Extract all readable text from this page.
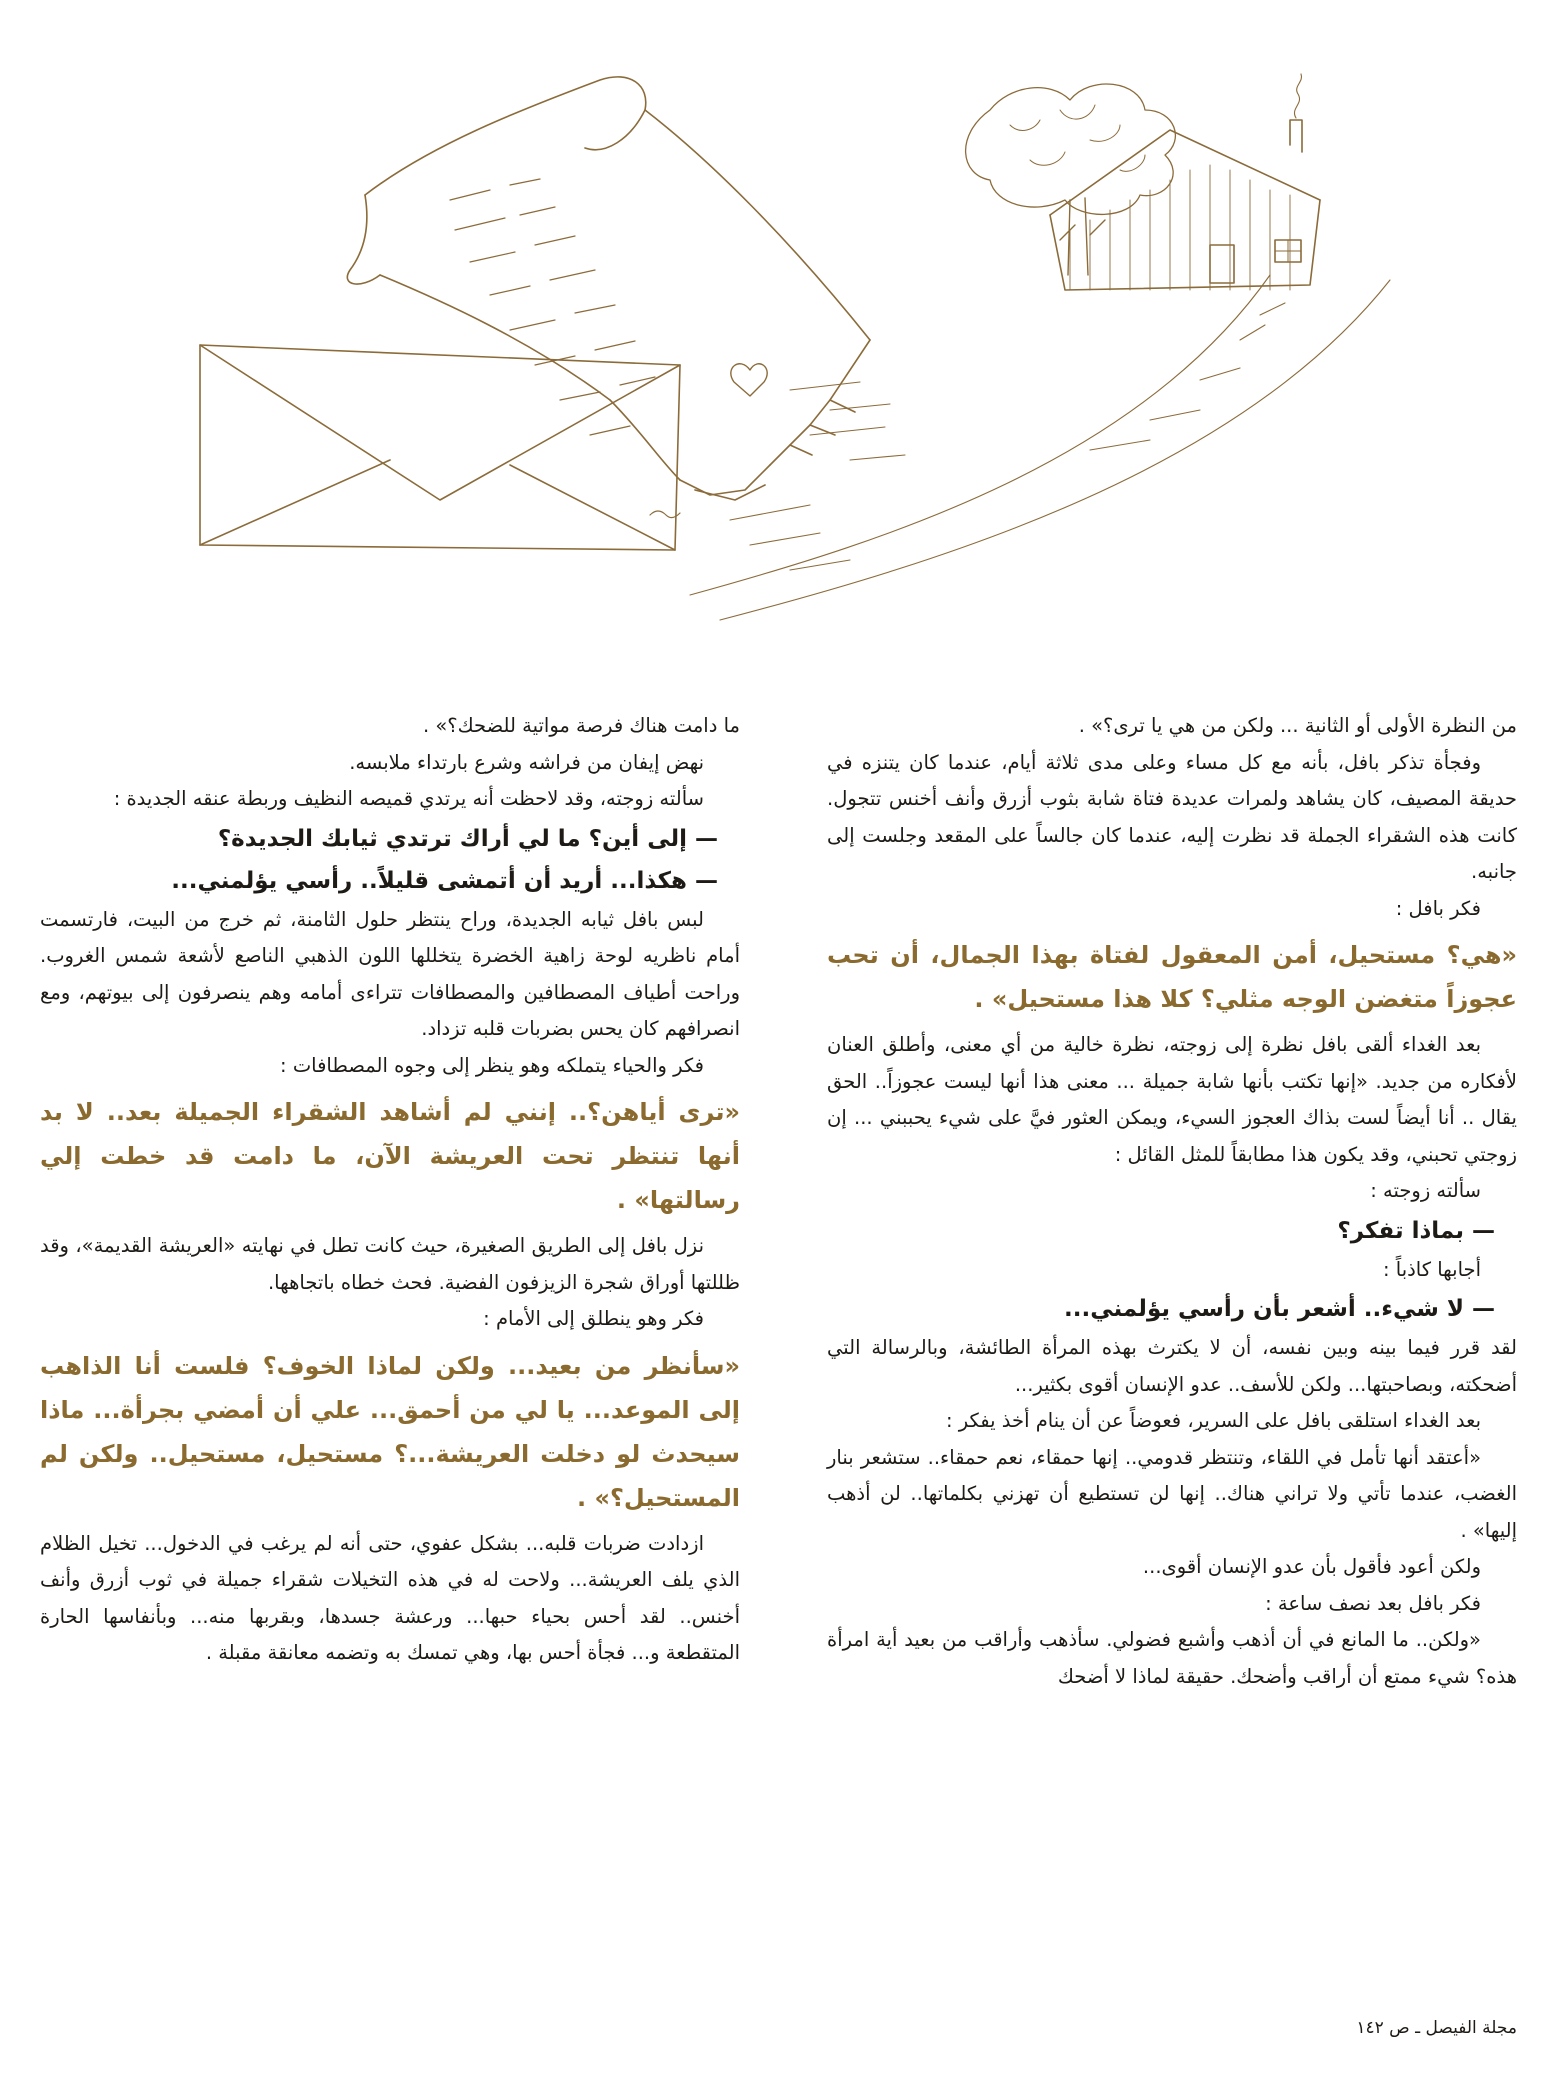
من النظرة الأولى أو الثانية ... ولكن من هي يا ترى؟» .

وفجأة تذكر بافل، بأنه مع كل مساء وعلى مدى ثلاثة أيام، عندما كان يتنزه في حديقة المصيف، كان يشاهد ولمرات عديدة فتاة شابة بثوب أزرق وأنف أخنس تتجول. كانت هذه الشقراء الجملة قد نظرت إليه، عندما كان جالساً على المقعد وجلست إلى جانبه.

فكر بافل :

«هي؟ مستحيل، أمن المعقول لفتاة بهذا الجمال، أن تحب عجوزاً متغضن الوجه مثلي؟ كلا هذا مستحيل» .

بعد الغداء ألقى بافل نظرة إلى زوجته، نظرة خالية من أي معنى، وأطلق العنان لأفكاره من جديد. «إنها تكتب بأنها شابة جميلة ... معنى هذا أنها ليست عجوزاً.. الحق يقال .. أنا أيضاً لست بذاك العجوز السيء، ويمكن العثور فيَّ على شيء يحببني ... إن زوجتي تحبني، وقد يكون هذا مطابقاً للمثل القائل :

سألته زوجته :

— بماذا تفكر؟

أجابها كاذباً :

— لا شيء.. أشعر بأن رأسي يؤلمني...

لقد قرر فيما بينه وبين نفسه، أن لا يكترث بهذه المرأة الطائشة، وبالرسالة التي أضحكته، وبصاحبتها... ولكن للأسف.. عدو الإنسان أقوى بكثير...

بعد الغداء استلقى بافل على السرير، فعوضاً عن أن ينام أخذ يفكر :

«أعتقد أنها تأمل في اللقاء، وتنتظر قدومي.. إنها حمقاء، نعم حمقاء.. ستشعر بنار الغضب، عندما تأتي ولا تراني هناك.. إنها لن تستطيع أن تهزني بكلماتها.. لن أذهب إليها» .

ولكن أعود فأقول بأن عدو الإنسان أقوى...

فكر بافل بعد نصف ساعة :

«ولكن.. ما المانع في أن أذهب وأشبع فضولي. سأذهب وأراقب من بعيد أية امرأة هذه؟ شيء ممتع أن أراقب وأضحك. حقيقة لماذا لا أضحك

ما دامت هناك فرصة مواتية للضحك؟» .

نهض إيفان من فراشه وشرع بارتداء ملابسه.

سألته زوجته، وقد لاحظت أنه يرتدي قميصه النظيف وربطة عنقه الجديدة :

— إلى أين؟ ما لي أراك ترتدي ثيابك الجديدة؟

— هكذا... أريد أن أتمشى قليلاً.. رأسي يؤلمني...

لبس بافل ثيابه الجديدة، وراح ينتظر حلول الثامنة، ثم خرج من البيت، فارتسمت أمام ناظريه لوحة زاهية الخضرة يتخللها اللون الذهبي الناصع لأشعة شمس الغروب. وراحت أطياف المصطافين والمصطافات تتراءى أمامه وهم ينصرفون إلى بيوتهم، ومع انصرافهم كان يحس بضربات قلبه تزداد.

فكر والحياء يتملكه وهو ينظر إلى وجوه المصطافات :

«ترى أياهن؟.. إنني لم أشاهد الشقراء الجميلة بعد.. لا بد أنها تنتظر تحت العريشة الآن، ما دامت قد خطت إلي رسالتها» .

نزل بافل إلى الطريق الصغيرة، حيث كانت تطل في نهايته «العريشة القديمة»، وقد ظللتها أوراق شجرة الزيزفون الفضية. فحث خطاه باتجاهها.

فكر وهو ينطلق إلى الأمام :

«سأنظر من بعيد... ولكن لماذا الخوف؟ فلست أنا الذاهب إلى الموعد... يا لي من أحمق... علي أن أمضي بجرأة... ماذا سيحدث لو دخلت العريشة...؟ مستحيل، مستحيل.. ولكن لم المستحيل؟» .

ازدادت ضربات قلبه... بشكل عفوي، حتى أنه لم يرغب في الدخول... تخيل الظلام الذي يلف العريشة... ولاحت له في هذه التخيلات شقراء جميلة في ثوب أزرق وأنف أخنس.. لقد أحس بحياء حبها... ورعشة جسدها، وبقربها منه... وبأنفاسها الحارة المتقطعة و... فجأة أحس بها، وهي تمسك به وتضمه معانقة مقبلة .

مجلة الفيصل ـ ص ١٤٢
